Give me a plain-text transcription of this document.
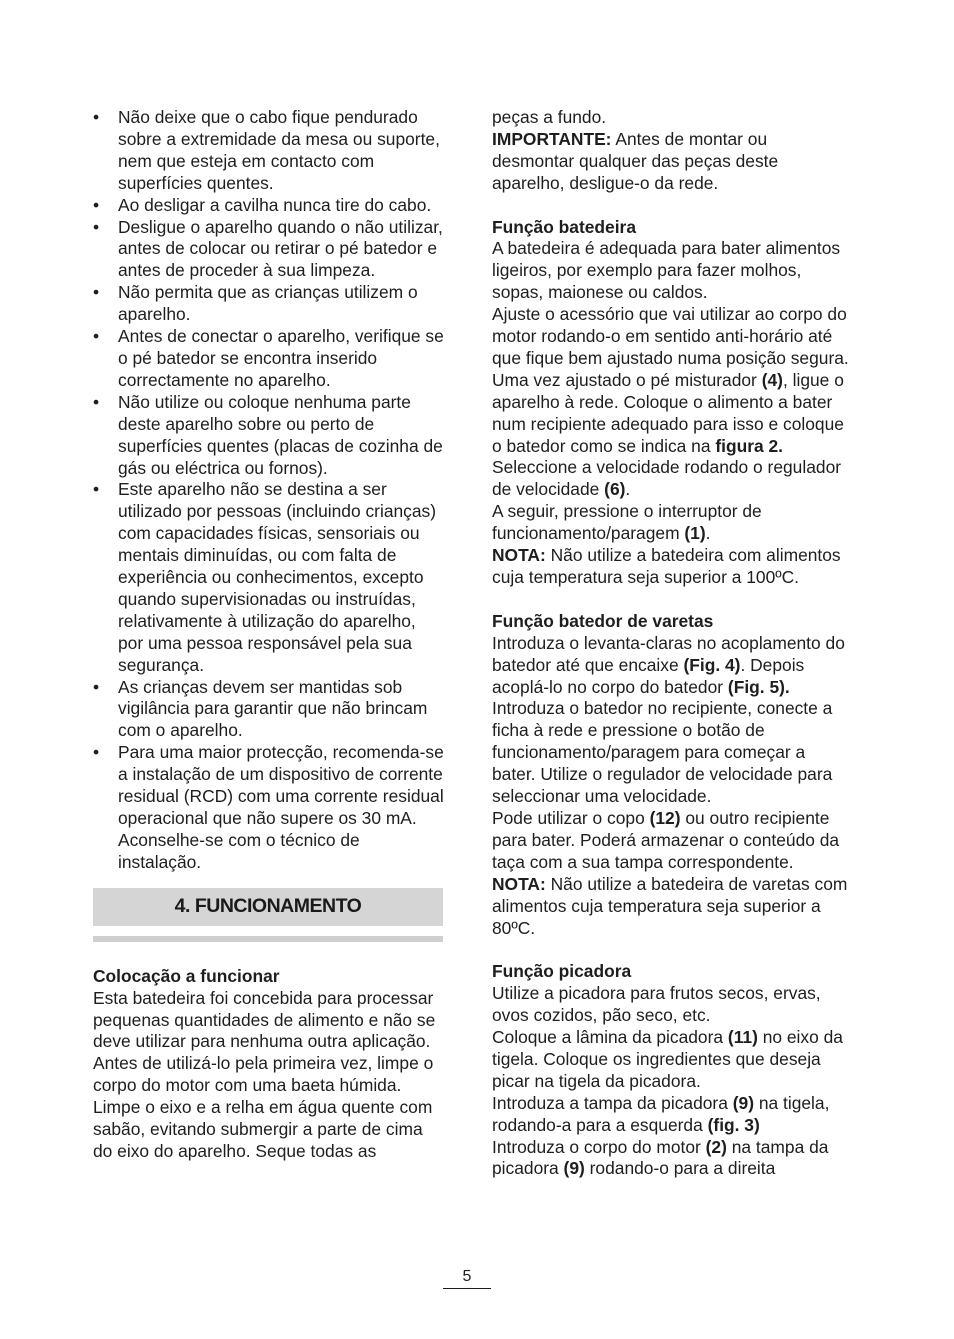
• Não deixe que o cabo fique pendurado sobre a extremidade da mesa ou suporte, nem que esteja em contacto com superfícies quentes.
• Ao desligar a cavilha nunca tire do cabo.
• Desligue o aparelho quando o não utilizar, antes de colocar ou retirar o pé batedor e antes de proceder à sua limpeza.
• Não permita que as crianças utilizem o aparelho.
• Antes de conectar o aparelho, verifique se o pé batedor se encontra inserido correctamente no aparelho.
• Não utilize ou coloque nenhuma parte deste aparelho sobre ou perto de superfícies quentes (placas de cozinha de gás ou eléctrica ou fornos).
• Este aparelho não se destina a ser utilizado por pessoas (incluindo crianças) com capacidades físicas, sensoriais ou mentais diminuídas, ou com falta de experiência ou conhecimentos, excepto quando supervisionadas ou instruídas, relativamente à utilização do aparelho, por uma pessoa responsável pela sua segurança.
• As crianças devem ser mantidas sob vigilância para garantir que não brincam com o aparelho.
• Para uma maior protecção, recomenda-se a instalação de um dispositivo de corrente residual (RCD) com uma corrente residual operacional que não supere os 30 mA. Aconselhe-se com o técnico de instalação.
4. FUNCIONAMENTO

Colocação a funcionar

Esta batedeira foi concebida para processar pequenas quantidades de alimento e não se deve utilizar para nenhuma outra aplicação.

Antes de utilizá-lo pela primeira vez, limpe o corpo do motor com uma baeta húmida. Limpe o eixo e a relha em água quente com sabão, evitando submergir a parte de cima do eixo do aparelho. Seque todas as

peças a fundo.

IMPORTANTE: Antes de montar ou desmontar qualquer das peças deste aparelho, desligue-o da rede.

Função batedeira

A batedeira é adequada para bater alimentos ligeiros, por exemplo para fazer molhos, sopas, maionese ou caldos.

Ajuste o acessório que vai utilizar ao corpo do motor rodando-o em sentido anti-horário até que fique bem ajustado numa posição segura.

Uma vez ajustado o pé misturador (4), ligue o aparelho à rede. Coloque o alimento a bater num recipiente adequado para isso e coloque o batedor como se indica na figura 2. Seleccione a velocidade rodando o regulador de velocidade (6).

A seguir, pressione o interruptor de funcionamento/paragem (1).

NOTA: Não utilize a batedeira com alimentos cuja temperatura seja superior a 100ºC.

Função batedor de varetas

Introduza o levanta-claras no acoplamento do batedor até que encaixe (Fig. 4). Depois acoplá-lo no corpo do batedor (Fig. 5).

Introduza o batedor no recipiente, conecte a ficha à rede e pressione o botão de funcionamento/paragem para começar a bater. Utilize o regulador de velocidade para seleccionar uma velocidade.

Pode utilizar o copo (12) ou outro recipiente para bater. Poderá armazenar o conteúdo da taça com a sua tampa correspondente.

NOTA: Não utilize a batedeira de varetas com alimentos cuja temperatura seja superior a 80ºC.

Função picadora

Utilize a picadora para frutos secos, ervas, ovos cozidos, pão seco, etc.

Coloque a lâmina da picadora (11) no eixo da tigela. Coloque os ingredientes que deseja picar na tigela da picadora.

Introduza a tampa da picadora (9) na tigela, rodando-a para a esquerda (fig. 3)

Introduza o corpo do motor (2) na tampa da picadora (9) rodando-o para a direita

5
